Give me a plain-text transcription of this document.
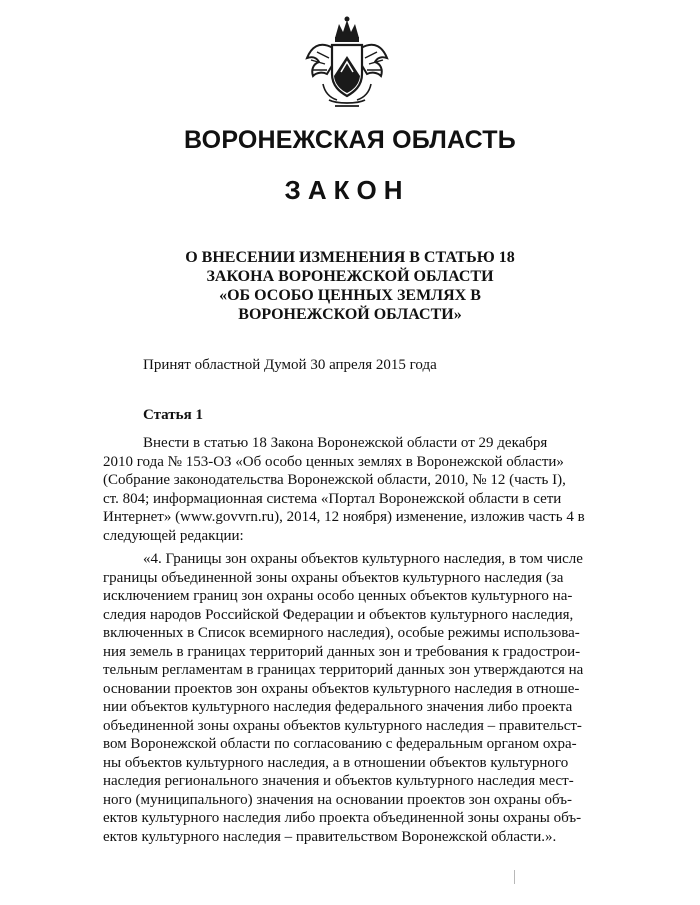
ВОРОНЕЖСКАЯ ОБЛАСТЬ
ЗАКОН
О ВНЕСЕНИИ ИЗМЕНЕНИЯ В СТАТЬЮ 18
ЗАКОНА ВОРОНЕЖСКОЙ ОБЛАСТИ
«ОБ ОСОБО ЦЕННЫХ ЗЕМЛЯХ В
ВОРОНЕЖСКОЙ ОБЛАСТИ»
Принят областной Думой 30 апреля 2015 года
Статья 1
Внести в статью 18 Закона Воронежской области от 29 декабря
2010 года № 153-ОЗ «Об особо ценных землях в Воронежской области»
(Собрание законодательства Воронежской области, 2010, № 12 (часть I),
ст. 804; информационная система «Портал Воронежской области в сети
Интернет» (www.govvrn.ru), 2014, 12 ноября) изменение, изложив часть 4 в
следующей редакции:
«4. Границы зон охраны объектов культурного наследия, в том числе
границы объединенной зоны охраны объектов культурного наследия (за
исключением границ зон охраны особо ценных объектов культурного на-
следия народов Российской Федерации и объектов культурного наследия,
включенных в Список всемирного наследия), особые режимы использова-
ния земель в границах территорий данных зон и требования к градострои-
тельным регламентам в границах территорий данных зон утверждаются на
основании проектов зон охраны объектов культурного наследия в отноше-
нии объектов культурного наследия федерального значения либо проекта
объединенной зоны охраны объектов культурного наследия – правительст-
вом Воронежской области по согласованию с федеральным органом охра-
ны объектов культурного наследия, а в отношении объектов культурного
наследия регионального значения и объектов культурного наследия мест-
ного (муниципального) значения на основании проектов зон охраны объ-
ектов культурного наследия либо проекта объединенной зоны охраны объ-
ектов культурного наследия – правительством Воронежской области.».
